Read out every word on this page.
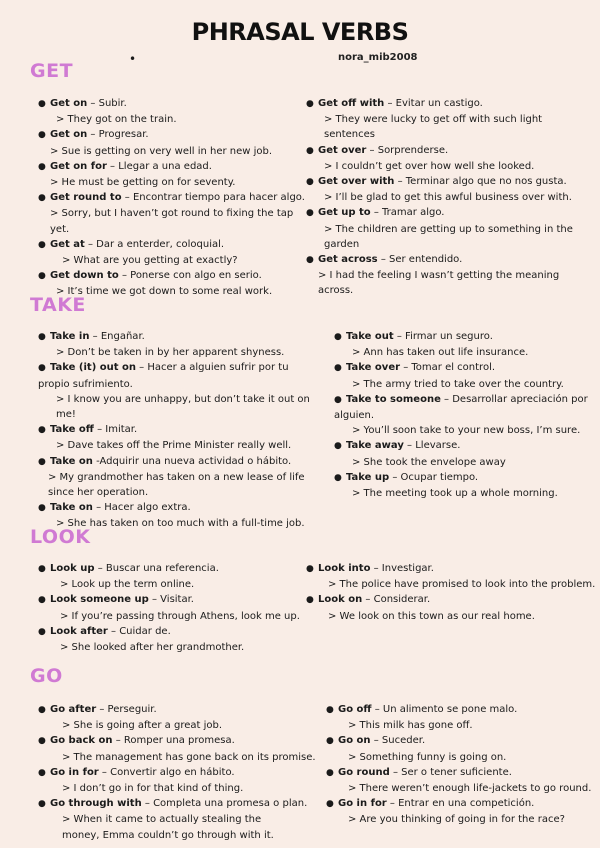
PHRASAL VERBS
•	nora_mib2008
GET
● Get on – Subir.
> They got on the train.
● Get on – Progresar.
> Sue is getting on very well in her new job.
● Get on for – Llegar a una edad.
> He must be getting on for seventy.
● Get round to – Encontrar tiempo para hacer algo.
> Sorry, but I haven’t got round to fixing the tap yet.
● Get at – Dar a enterder, coloquial.
> What are you getting at exactly?
● Get down to – Ponerse con algo en serio.
> It’s time we got down to some real work.
● Get off with – Evitar un castigo.
> They were lucky to get off with such light sentences
● Get over – Sorprenderse.
> I couldn’t get over how well she looked.
● Get over with – Terminar algo que no nos gusta.
> I’ll be glad to get this awful business over with.
● Get up to – Tramar algo.
> The children are getting up to something in the garden
● Get across – Ser entendido.
> I had the feeling I wasn’t getting the meaning across.
TAKE
● Take in – Engañar.
> Don’t be taken in by her apparent shyness.
● Take (it) out on – Hacer a alguien sufrir por tu propio sufrimiento.
> I know you are unhappy, but don’t take it out on me!
● Take off – Imitar.
> Dave takes off the Prime Minister really well.
● Take on -Adquirir una nueva actividad o hábito.
> My grandmother has taken on a new lease of life since her operation.
● Take on – Hacer algo extra.
> She has taken on too much with a full-time job.
● Take out – Firmar un seguro.
> Ann has taken out life insurance.
● Take over – Tomar el control.
> The army tried to take over the country.
● Take to someone – Desarrollar apreciación por alguien.
> You’ll soon take to your new boss, I’m sure.
● Take away – Llevarse.
> She took the envelope away
● Take up – Ocupar tiempo.
> The meeting took up a whole morning.
LOOK
● Look up – Buscar una referencia.
> Look up the term online.
● Look someone up – Visitar.
> If you’re passing through Athens, look me up.
● Look after – Cuidar de.
> She looked after her grandmother.
● Look into – Investigar.
> The police have promised to look into the problem.
● Look on – Considerar.
> We look on this town as our real home.
GO
● Go after – Perseguir.
> She is going after a great job.
● Go back on – Romper una promesa.
> The management has gone back on its promise.
● Go in for – Convertir algo en hábito.
> I don’t go in for that kind of thing.
● Go through with – Completa una promesa o plan.
> When it came to actually stealing the money, Emma couldn’t go through with it.
● Go off – Un alimento se pone malo.
> This milk has gone off.
● Go on – Suceder.
> Something funny is going on.
● Go round – Ser o tener suficiente.
> There weren’t enough life-jackets to go round.
● Go in for – Entrar en una competición.
> Are you thinking of going in for the race?
